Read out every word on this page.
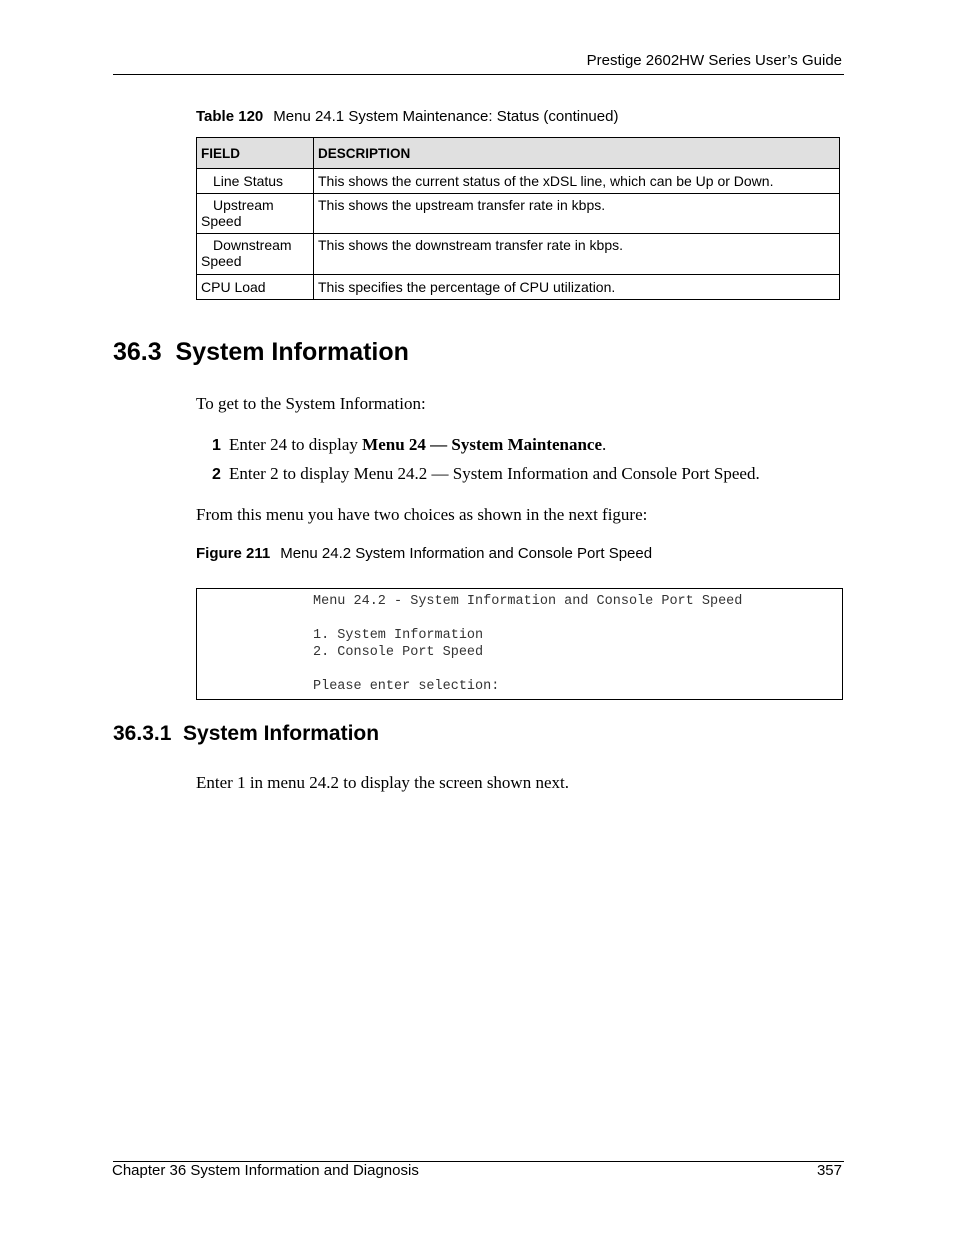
Prestige 2602HW Series User’s Guide
Table 120 Menu 24.1 System Maintenance: Status (continued)
FIELD	DESCRIPTION
Line Status	This shows the current status of the xDSL line, which can be Up or Down.
Upstream
Speed	This shows the upstream transfer rate in kbps.
Downstream
Speed	This shows the downstream transfer rate in kbps.
CPU Load	This specifies the percentage of CPU utilization.
36.3  System Information
To get to the System Information:
1 Enter 24 to display Menu 24 — System Maintenance.
2 Enter 2 to display Menu 24.2 — System Information and Console Port Speed.
From this menu you have two choices as shown in the next figure:
Figure 211 Menu 24.2 System Information and Console Port Speed
Menu 24.2 - System Information and Console Port Speed

1. System Information
2. Console Port Speed

Please enter selection:
36.3.1  System Information
Enter 1 in menu 24.2 to display the screen shown next.
Chapter 36 System Information and Diagnosis	357
